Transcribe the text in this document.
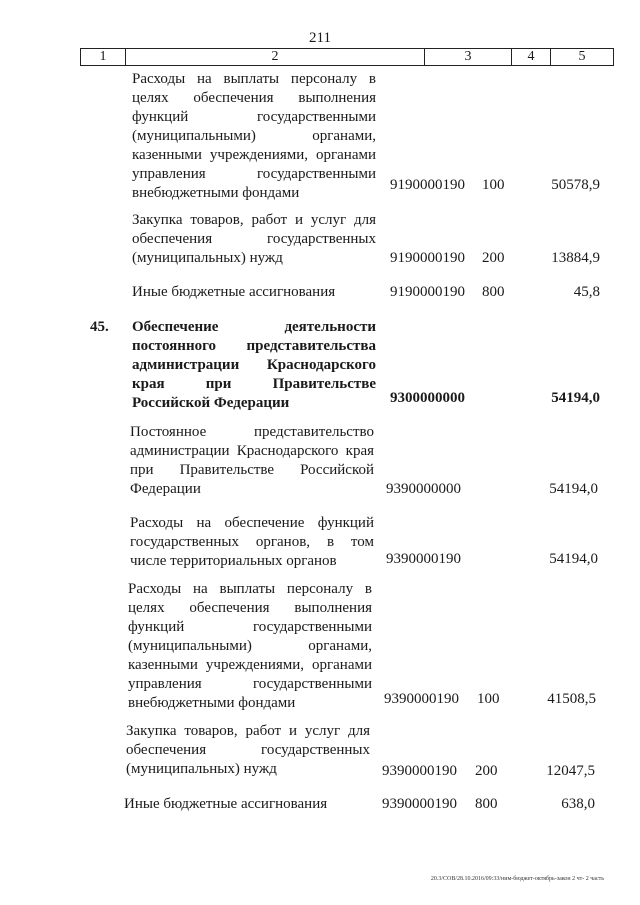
211
1	2	3	4	5
Расходы на выплаты персоналу в целях обеспечения выполнения функций государственными (муниципальными) органами, казенными учреждениями, органами управления государственными внебюджетными фондами	9190000190 100	50578,9
Закупка товаров, работ и услуг для обеспечения государственных (муниципальных) нужд	9190000190 200	13884,9
Иные бюджетные ассигнования	9190000190 800	45,8
45. Обеспечение деятельности постоянного представительства администрации Краснодарского края при Правительстве Российской Федерации	9300000000	54194,0
Постоянное представительство администрации Краснодарского края при Правительстве Российской Федерации	9390000000	54194,0
Расходы на обеспечение функций государственных органов, в том числе территориальных органов	9390000190	54194,0
Расходы на выплаты персоналу в целях обеспечения выполнения функций государственными (муниципальными) органами, казенными учреждениями, органами управления государственными внебюджетными фондами	9390000190 100	41508,5
Закупка товаров, работ и услуг для обеспечения государственных (муниципальных) нужд	9390000190 200	12047,5
Иные бюджетные ассигнования	9390000190 800	638,0
20.3/СОВ/28.10.2016/09:33/ним-бюджет-октябрь-закон 2 чт- 2 часть
